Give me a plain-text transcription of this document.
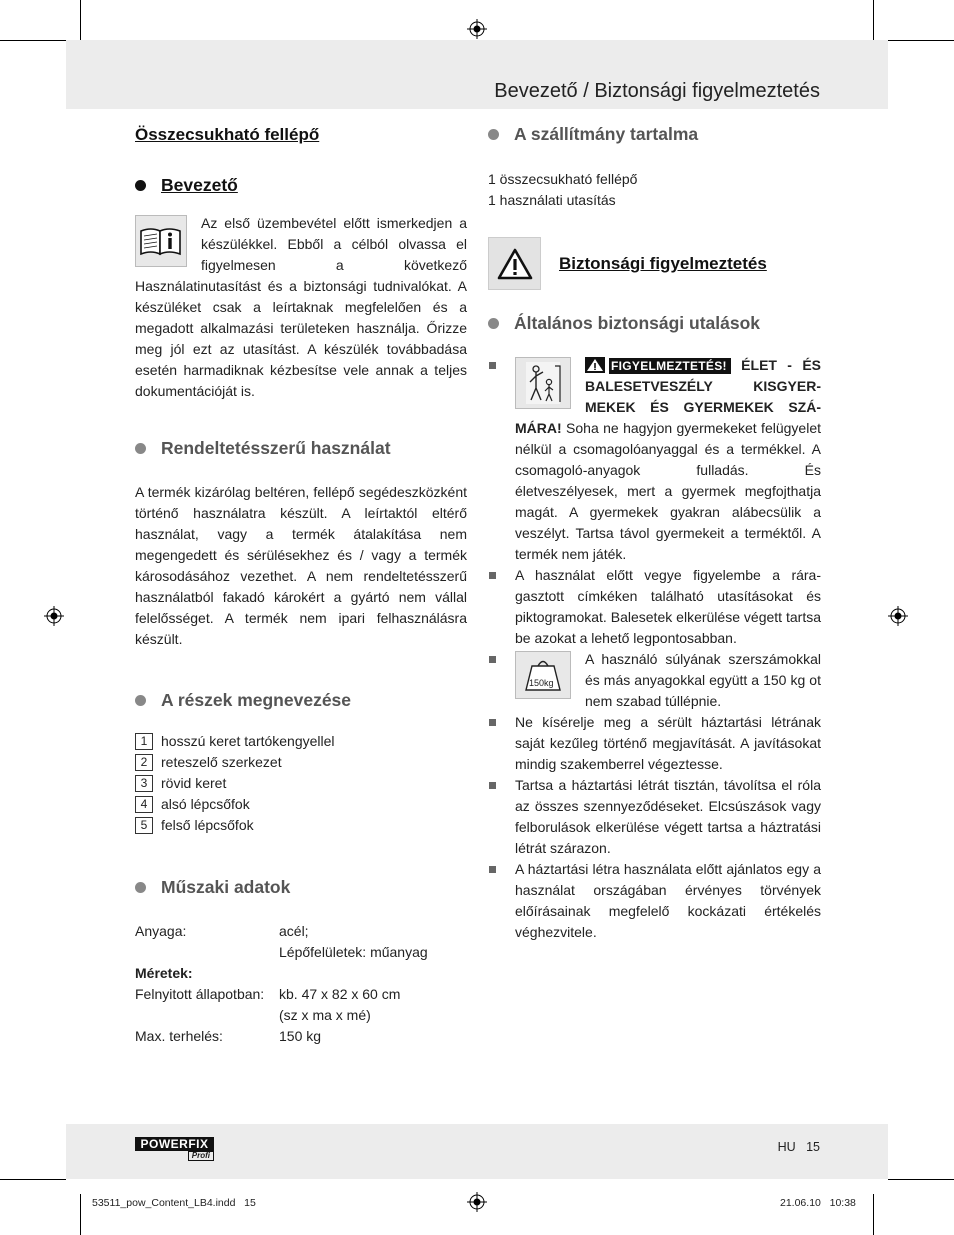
Bevezető / Biztonsági figyelmeztetés
Összecsukható fellépő
Bevezető

Az első üzembevétel előtt ismerkedjen a készülékkel. Ebből a célból olvassa el figyelmesen a következő Használatinutasítást és a biztonsági tudnivalókat. A készüléket csak a leírtaknak megfelelően és a megadott alkalmazási területeken használja. Őrizze meg jól ezt az utasítást. A készülék továbbadása esetén harmadiknak kézbesítse vele annak a teljes dokumentációját is.

Rendeltetésszerű használat

A termék kizárólag beltéren, fellépő segédeszközként történő használatra készült. A leírtaktól eltérő használat, vagy a termék átalakítása nem megengedett és sérülésekhez és / vagy a termék károsodásához vezethet. A nem rendeltetésszerű használatból fakadó károkért a gyártó nem vállal felelősséget. A termék nem ipari felhasználásra készült.

A részek megnevezése
1 hosszú keret tartókengyellel
2 reteszelő szerkezet
3 rövid keret
4 alsó lépcsőfok
5 felső lépcsőfok
Műszaki adatok
Anyaga:	acél;
Lépőfelületek: műanyag
Méretek:
Felnyitott állapotban:	kb. 47 x 82 x 60 cm
(sz x ma x mé)
Max. terhelés:	150 kg
A szállítmány tartalma
1 összecsukható fellépő
1 használati utasítás
Biztonsági figyelmeztetés
Általános biztonsági utalások

FIGYELMEZTETÉS! ÉLET - ÉS BALESETVESZÉLY KISGYER- MEKEK ÉS GYERMEKEK SZÁ- MÁRA! Soha ne hagyjon gyermekeket felügyelet nélkül a csomagolóanyaggal és a termékkel. A csomagoló-anyagok fulladás. És életveszélyesek, mert a gyermek megfojthatja magát. A gyermekek gyakran alábecsülik a veszélyt. Tartsa távol gyermekeit a terméktől. A termék nem játék.

A használat előtt vegye figyelembe a rára-gasztott címkéken található utasításokat és piktogramokat. Balesetek elkerülése végett tartsa be azokat a lehető legpontosabban.

150kg

A használó súlyának szerszámokkal és más anyagokkal együtt a 150 kg ot nem szabad túllépnie.

Ne kísérelje meg a sérült háztartási létrának saját kezűleg történő megjavítását. A javításokat mindig szakemberrel végeztesse.

Tartsa a háztartási létrát tisztán, távolítsa el róla az összes szennyeződéseket. Elcsúszások vagy felborulások elkerülése végett tartsa a háztratási létrát szárazon.

A háztartási létra használata előtt ajánlatos egy a használat országában érvényes törvények előírásainak megfelelő kockázati értékelés véghezvitele.

POWERFIX
Profi
HU 15
53511_pow_Content_LB4.indd   15	21.06.10   10:38
